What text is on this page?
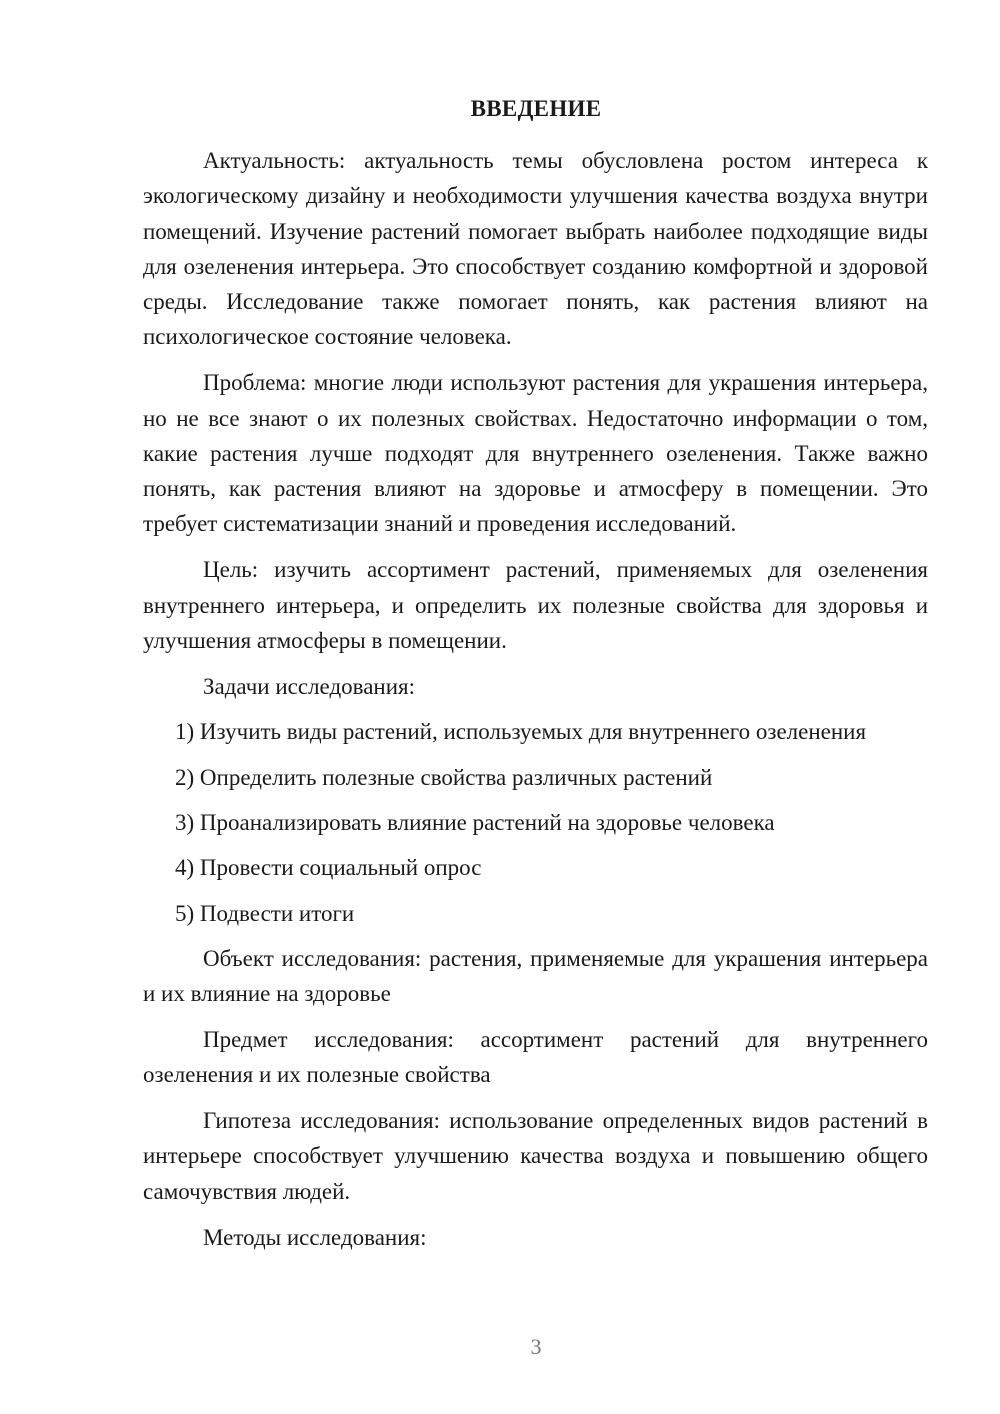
ВВЕДЕНИЕ

Актуальность: актуальность темы обусловлена ростом интереса к экологическому дизайну и необходимости улучшения качества воздуха внутри помещений. Изучение растений помогает выбрать наиболее подходящие виды для озеленения интерьера. Это способствует созданию комфортной и здоровой среды. Исследование также помогает понять, как растения влияют на психологическое состояние человека.

Проблема: многие люди используют растения для украшения интерьера, но не все знают о их полезных свойствах. Недостаточно информации о том, какие растения лучше подходят для внутреннего озеленения. Также важно понять, как растения влияют на здоровье и атмосферу в помещении. Это требует систематизации знаний и проведения исследований.

Цель: изучить ассортимент растений, применяемых для озеленения внутреннего интерьера, и определить их полезные свойства для здоровья и улучшения атмосферы в помещении.

Задачи исследования:

1) Изучить виды растений, используемых для внутреннего озеленения
2) Определить полезные свойства различных растений
3) Проанализировать влияние растений на здоровье человека
4) Провести социальный опрос
5) Подвести итоги

Объект исследования: растения, применяемые для украшения интерьера и их влияние на здоровье

Предмет исследования: ассортимент растений для внутреннего озеленения и их полезные свойства

Гипотеза исследования: использование определенных видов растений в интерьере способствует улучшению качества воздуха и повышению общего самочувствия людей.

Методы исследования:

3
